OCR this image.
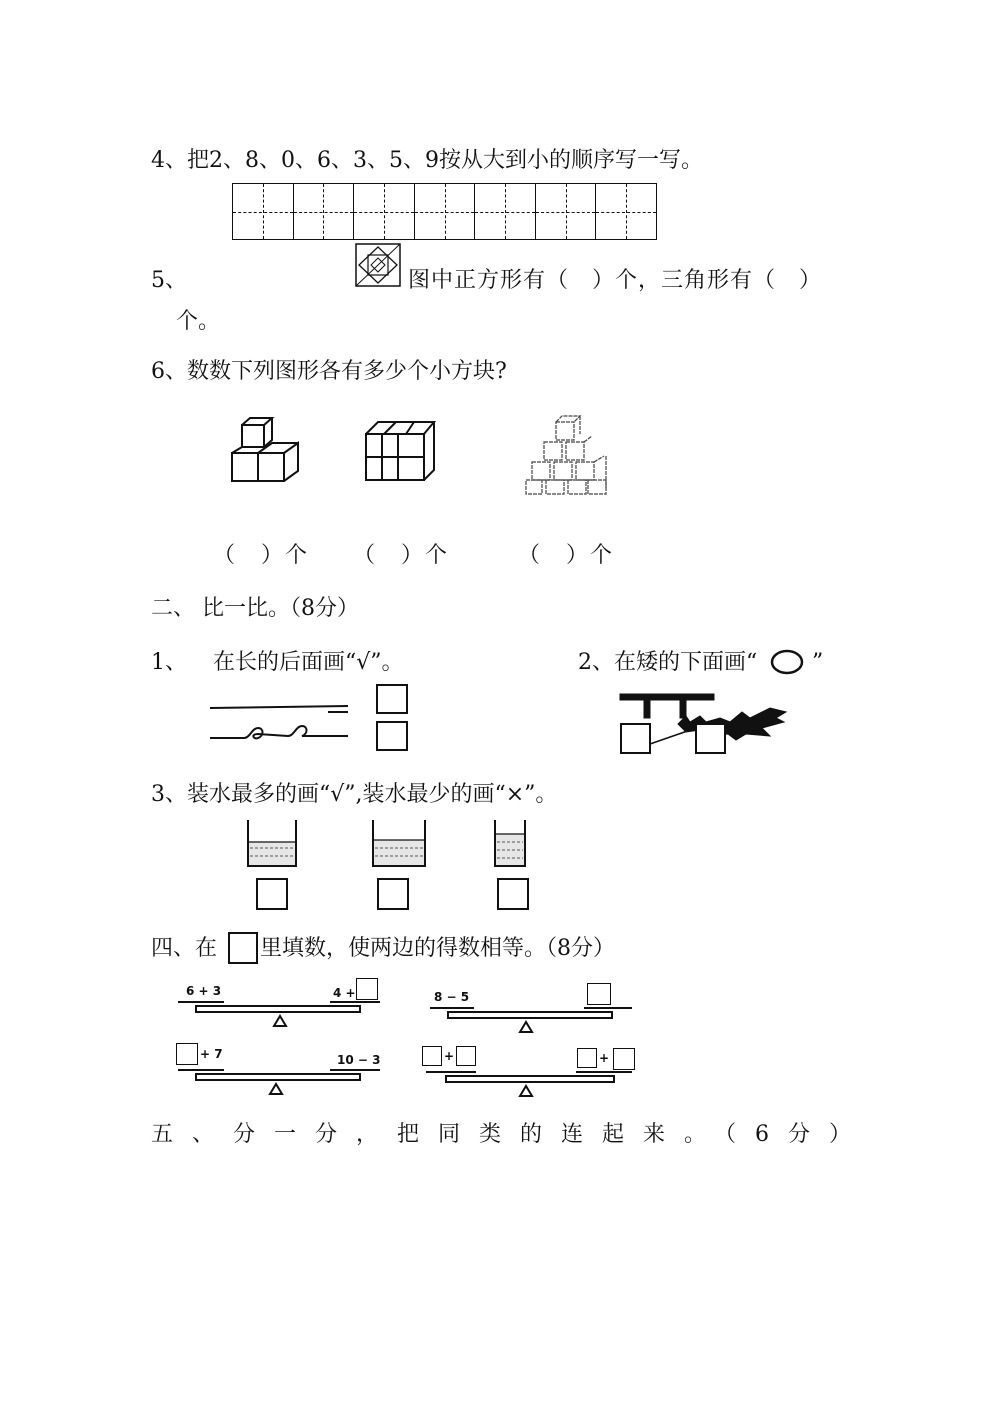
4、把2、8、0、6、3、5、9按从大到小的顺序写一写。
5、	图中正方形有（　）个，三角形有（　）
个。
6、数数下列图形各有多少个小方块?
（　）个 （　）个	（　）个
二、 比一比。（8分）
1、 在长的后面画“√”。	2、在矮的下面画“ ”
3、装水最多的画“√”,装水最少的画“×”。
四、在 里填数，使两边的得数相等。（8分）
6 + 3	4 +	8 − 5
+ 7	10 − 3	+	+
五、分一分，把同类的连起来。（6分）
